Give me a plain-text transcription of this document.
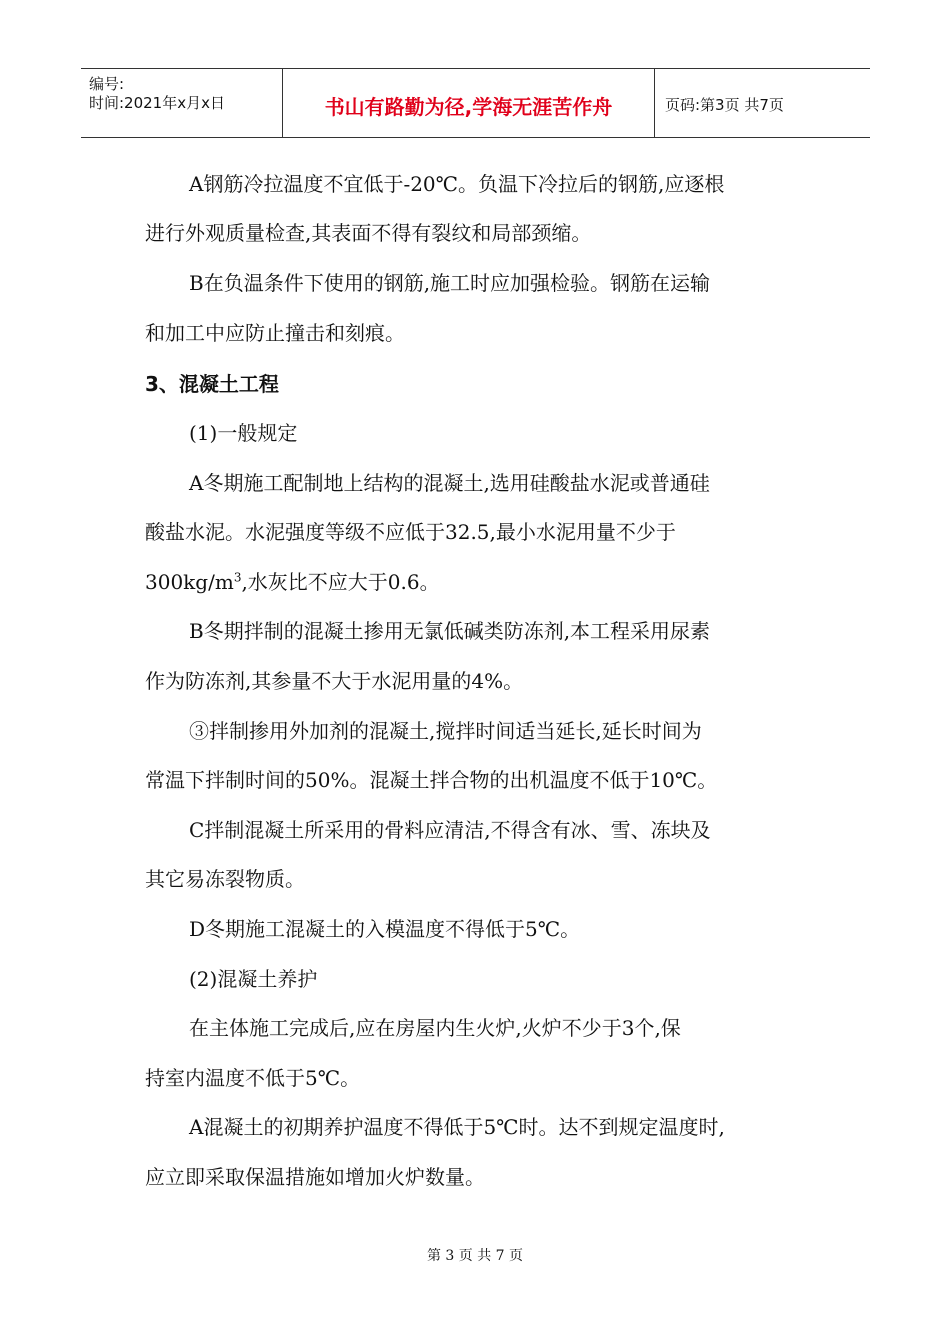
编号:
时间:2021年x月x日	书山有路勤为径,学海无涯苦作舟	页码:第3页 共7页
A钢筋冷拉温度不宜低于-20℃。负温下冷拉后的钢筋,应逐根
进行外观质量检查,其表面不得有裂纹和局部颈缩。
B在负温条件下使用的钢筋,施工时应加强检验。钢筋在运输
和加工中应防止撞击和刻痕。
3、混凝土工程
(1)一般规定
A冬期施工配制地上结构的混凝土,选用硅酸盐水泥或普通硅
酸盐水泥。水泥强度等级不应低于32.5,最小水泥用量不少于
$300kg/m^3$,水灰比不应大于0.6。
B冬期拌制的混凝土掺用无氯低碱类防冻剂,本工程采用尿素
作为防冻剂,其参量不大于水泥用量的4%。
③拌制掺用外加剂的混凝土,搅拌时间适当延长,延长时间为
常温下拌制时间的50%。混凝土拌合物的出机温度不低于10℃。
C拌制混凝土所采用的骨料应清洁,不得含有冰、雪、冻块及
其它易冻裂物质。
D冬期施工混凝土的入模温度不得低于5℃。
(2)混凝土养护
在主体施工完成后,应在房屋内生火炉,火炉不少于3个,保
持室内温度不低于5℃。
A混凝土的初期养护温度不得低于5℃时。达不到规定温度时,
应立即采取保温措施如增加火炉数量。
第 3 页 共 7 页
